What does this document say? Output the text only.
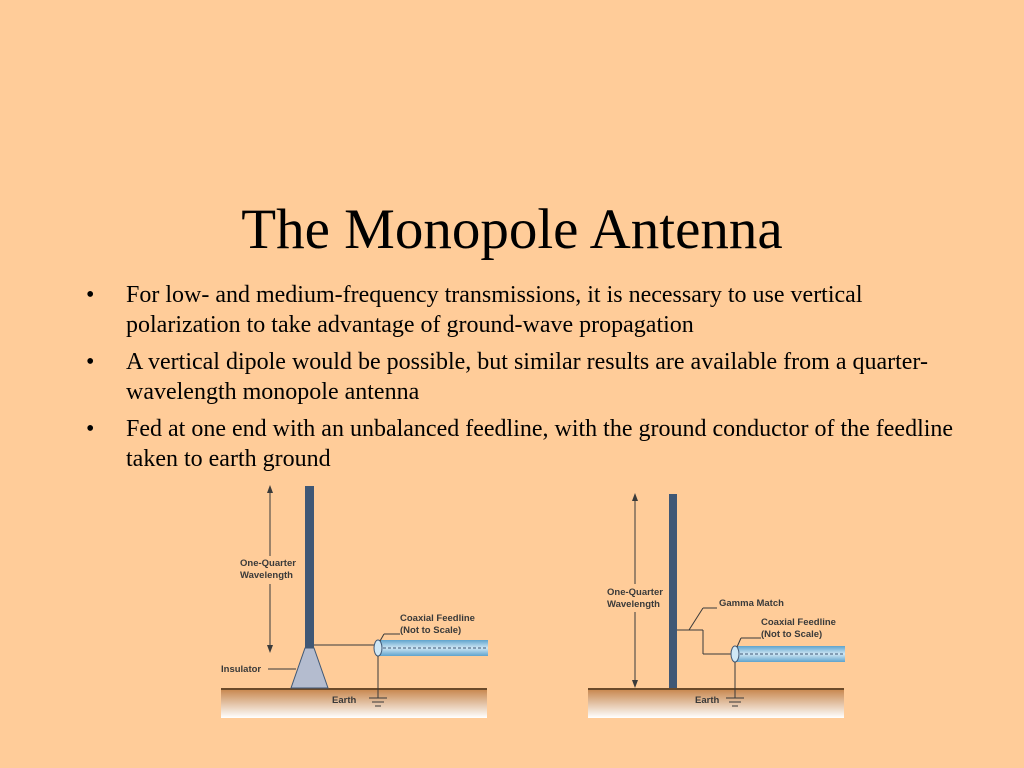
The Monopole Antenna
• For low- and medium-frequency transmissions, it is necessary to use vertical polarization to take advantage of ground-wave propagation
• A vertical dipole would be possible, but similar results are available from a quarter-wavelength monopole antenna
• Fed at one end with an unbalanced feedline, with the ground conductor of the feedline taken to earth ground
One-Quarter
Wavelength
Coaxial Feedline
(Not to Scale)
Insulator
Earth
One-Quarter
Wavelength	Gamma Match
Coaxial Feedline
(Not to Scale)
Earth
